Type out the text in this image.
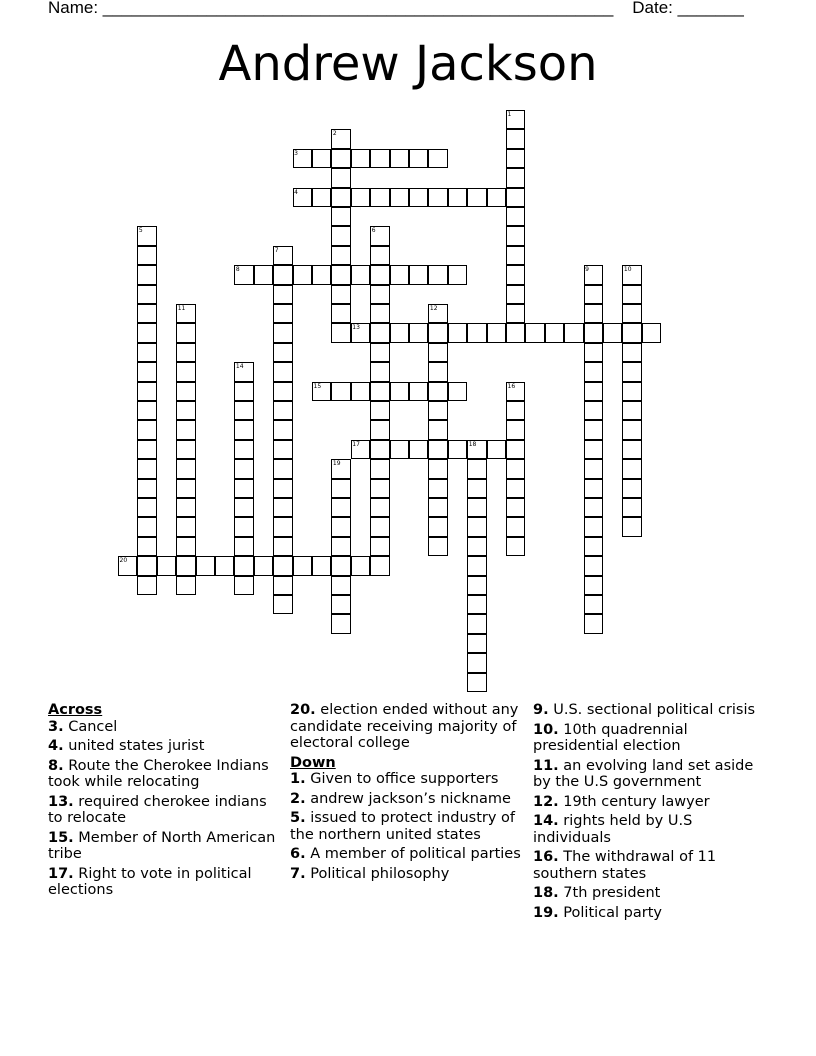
Name: ______________________________________________________ Date: _______
Andrew Jackson
1
2
3
4
5	6
7
8	9	10
11	12
13
14
15	16
17	18
19
20

Across

3. Cancel

4. united states jurist

8. Route the Cherokee Indians took while relocating

13. required cherokee indians to relocate

15. Member of North American tribe

17. Right to vote in political elections

20. election ended without any candidate receiving majority of electoral college

Down

1. Given to office supporters

2. andrew jackson’s nickname

5. issued to protect industry of the northern united states

6. A member of political parties

7. Political philosophy

9. U.S. sectional political crisis

10. 10th quadrennial presidential election

11. an evolving land set aside by the U.S government

12. 19th century lawyer

14. rights held by U.S individuals

16. The withdrawal of 11 southern states

18. 7th president

19. Political party
